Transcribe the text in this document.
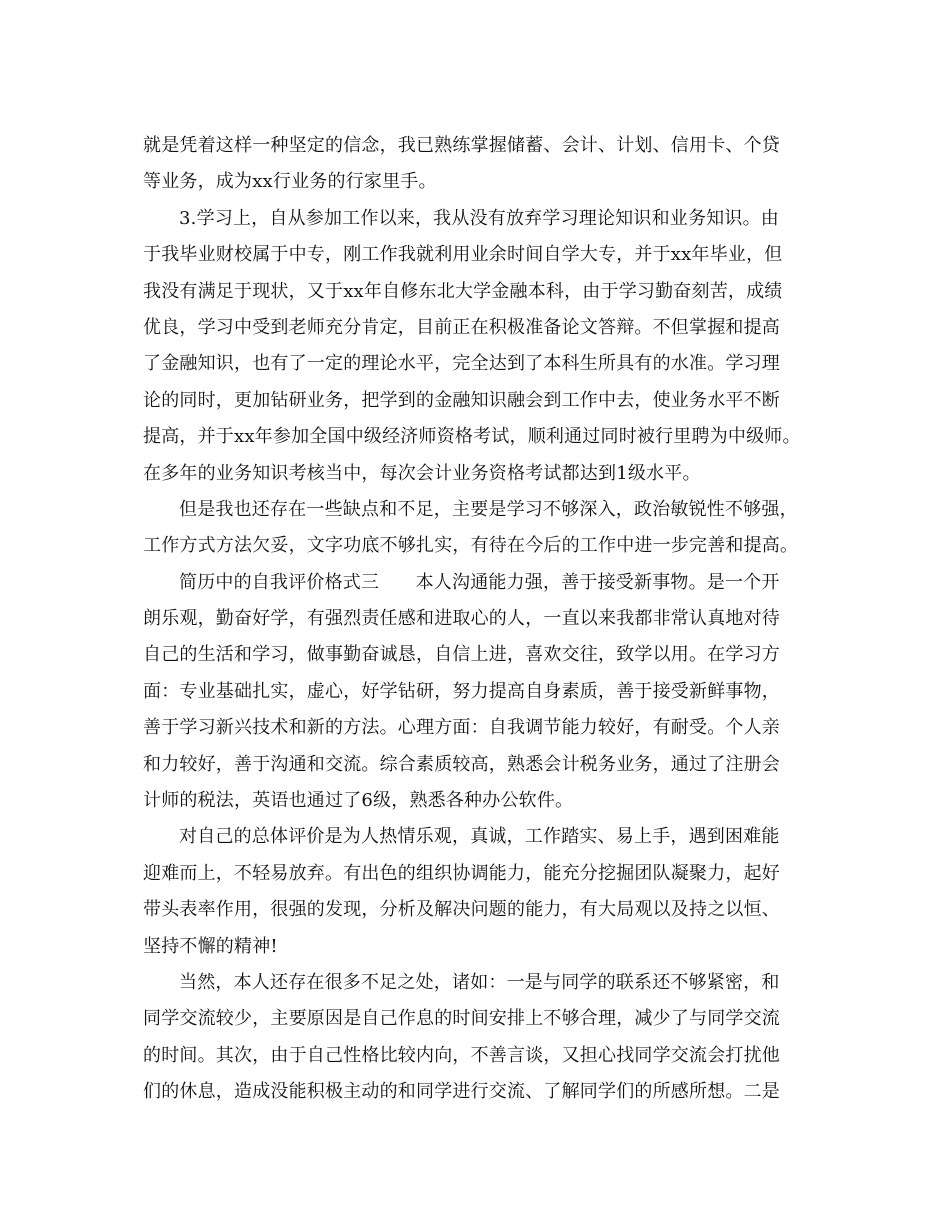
就是凭着这样一种坚定的信念，我已熟练掌握储蓄、会计、计划、信用卡、个贷
等业务，成为xx行业务的行家里手。
3.学习上，自从参加工作以来，我从没有放弃学习理论知识和业务知识。由
于我毕业财校属于中专，刚工作我就利用业余时间自学大专，并于xx年毕业，但
我没有满足于现状，又于xx年自修东北大学金融本科，由于学习勤奋刻苦，成绩
优良，学习中受到老师充分肯定，目前正在积极准备论文答辩。不但掌握和提高
了金融知识，也有了一定的理论水平，完全达到了本科生所具有的水准。学习理
论的同时，更加钻研业务，把学到的金融知识融会到工作中去，使业务水平不断
提高，并于xx年参加全国中级经济师资格考试，顺利通过同时被行里聘为中级师。
在多年的业务知识考核当中，每次会计业务资格考试都达到1级水平。
但是我也还存在一些缺点和不足，主要是学习不够深入，政治敏锐性不够强，
工作方式方法欠妥，文字功底不够扎实，有待在今后的工作中进一步完善和提高。
简历中的自我评价格式三　　本人沟通能力强，善于接受新事物。是一个开
朗乐观，勤奋好学，有强烈责任感和进取心的人，一直以来我都非常认真地对待
自己的生活和学习，做事勤奋诚恳，自信上进，喜欢交往，致学以用。在学习方
面：专业基础扎实，虚心，好学钻研，努力提高自身素质，善于接受新鲜事物，
善于学习新兴技术和新的方法。心理方面：自我调节能力较好，有耐受。个人亲
和力较好，善于沟通和交流。综合素质较高，熟悉会计税务业务，通过了注册会
计师的税法，英语也通过了6级，熟悉各种办公软件。
对自己的总体评价是为人热情乐观，真诚，工作踏实、易上手，遇到困难能
迎难而上，不轻易放弃。有出色的组织协调能力，能充分挖掘团队凝聚力，起好
带头表率作用，很强的发现，分析及解决问题的能力，有大局观以及持之以恒、
坚持不懈的精神!
当然，本人还存在很多不足之处，诸如：一是与同学的联系还不够紧密，和
同学交流较少，主要原因是自己作息的时间安排上不够合理，减少了与同学交流
的时间。其次，由于自己性格比较内向，不善言谈，又担心找同学交流会打扰他
们的休息，造成没能积极主动的和同学进行交流、了解同学们的所感所想。二是
